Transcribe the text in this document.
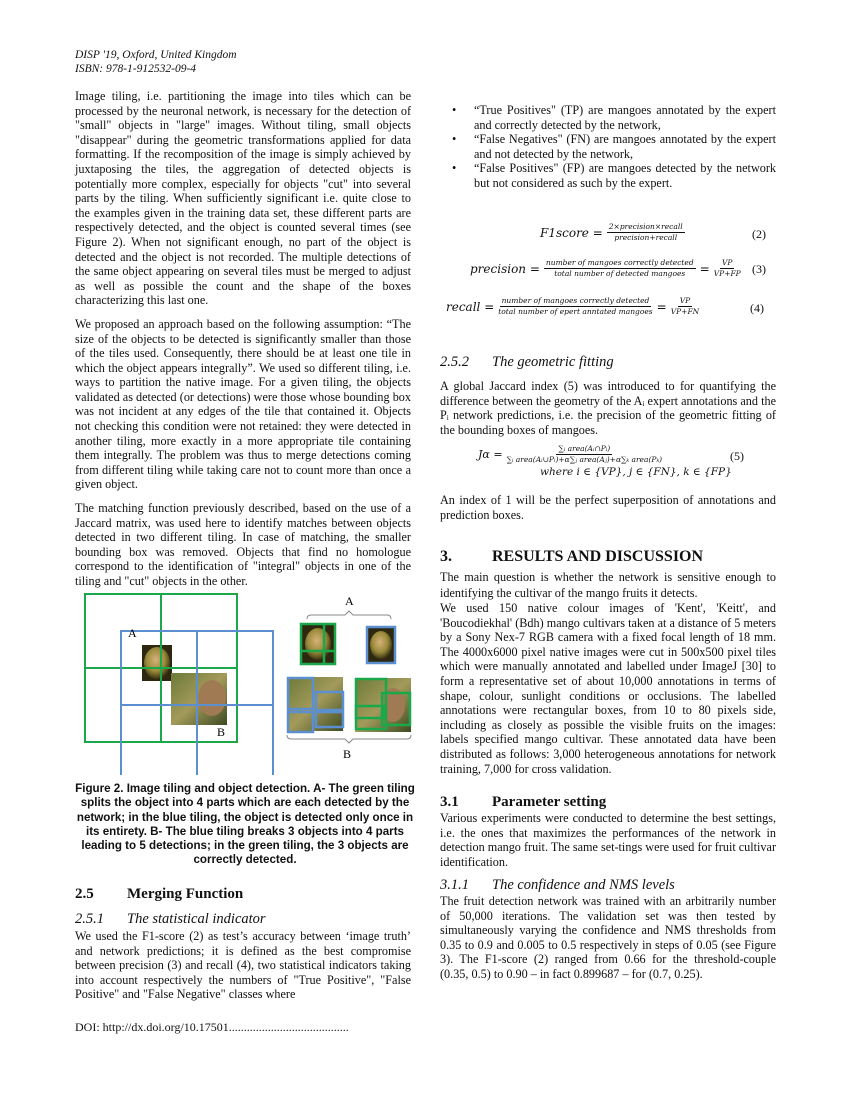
DISP '19, Oxford, United Kingdom
ISBN: 978-1-912532-09-4

Image tiling, i.e. partitioning the image into tiles which can be processed by the neuronal network, is necessary for the detection of "small" objects in "large" images. Without tiling, small objects "disappear" during the geometric transformations applied for data formatting. If the recomposition of the image is simply achieved by juxtaposing the tiles, the aggregation of detected objects is potentially more complex, especially for objects "cut" into several parts by the tiling. When sufficiently significant i.e. quite close to the examples given in the training data set, these different parts are respectively detected, and the object is counted several times (see Figure 2). When not significant enough, no part of the object is detected and the object is not recorded. The multiple detections of the same object appearing on several tiles must be merged to adjust as well as possible the count and the shape of the boxes characterizing this last one.

We proposed an approach based on the following assumption: “The size of the objects to be detected is significantly smaller than those of the tiles used. Consequently, there should be at least one tile in which the object appears integrally”. We used so different tiling, i.e. ways to partition the native image. For a given tiling, the objects validated as detected (or detections) were those whose bounding box was not incident at any edges of the tile that contained it. Objects not checking this condition were not retained: they were detected in another tiling, more exactly in a more appropriate tile containing them integrally. The problem was thus to merge detections coming from different tiling while taking care not to count more than once a given object.

The matching function previously described, based on the use of a Jaccard matrix, was used here to identify matches between objects detected in two different tiling. In case of matching, the smaller bounding box was removed. Objects that find no homologue correspond to the identification of "integral" objects in one of the tiling and "cut" objects in the other.

A
B
A
B
Figure 2. Image tiling and object detection. A- The green tiling splits the object into 4 parts which are each detected by the network; in the blue tiling, the object is detected only once in its entirety. B- The blue tiling breaks 3 objects into 4 parts leading to 5 detections; in the green tiling, the 3 objects are correctly detected.
2.5 Merging Function
2.5.1 The statistical indicator
We used the F1-score (2) as test’s accuracy between ‘image truth’ and network predictions; it is defined as the best compromise between precision (3) and recall (4), two statistical indicators taking into account respectively the numbers of "True Positive", "False Positive" and "False Negative" classes where
DOI: http://dx.doi.org/10.17501........................................
• “True Positives" (TP) are mangoes annotated by the expert and correctly detected by the network,
• “False Negatives" (FN) are mangoes annotated by the expert and not detected by the network,
• “False Positives" (FP) are mangoes detected by the network but not considered as such by the expert.
F1score = $\frac{\text{2×precision×recall}}{\text{precision+recall}}$	(2)
precision = $\frac{\text{number of mangoes correctly detected}}{\text{total number of detected mangoes}} = \frac{VP}{VP+FP} (3)$
recall = $\frac{\text{number of mangoes correctly detected}}{\text{total number of epert anntated mangoes}} = \frac{VP}{VP+FN}$	(4)
2.5.2 The geometric fitting
A global Jaccard index (5) was introduced to for quantifying the difference between the geometry of the Aᵢ expert annotations and the Pᵢ network predictions, i.e. the precision of the geometric fitting of the bounding boxes of mangoes.
$J\alpha = \frac{\text{∑ᵢ area(Aᵢ∩Pᵢ)}}{\text{∑ᵢ area(Aᵢ∪Pᵢ)+α∑ⱼ area(Aⱼ)+α∑ₖ area(Pₖ)}}$
where i ∈ {VP}, j ∈ {FN}, k ∈ {FP}
(5)
An index of 1 will be the perfect superposition of annotations and prediction boxes.
3.	RESULTS AND DISCUSSION

The main question is whether the network is sensitive enough to identifying the cultivar of the mango fruits it detects.

We used 150 native colour images of 'Kent', 'Keitt', and 'Boucodiekhal' (Bdh) mango cultivars taken at a distance of 5 meters by a Sony Nex-7 RGB camera with a fixed focal length of 18 mm. The 4000x6000 pixel native images were cut in 500x500 pixel tiles which were manually annotated and labelled under ImageJ [30] to form a representative set of about 10,000 annotations in terms of shape, colour, sunlight conditions or occlusions. The labelled annotations were rectangular boxes, from 10 to 80 pixels side, including as closely as possible the visible fruits on the images: labels specified mango cultivar. These annotated data have been distributed as follows: 3,000 heterogeneous annotations for network training, 7,000 for cross validation.

3.1 Parameter setting
Various experiments were conducted to determine the best settings, i.e. the ones that maximizes the performances of the network in detection mango fruit. The same set-tings were used for fruit cultivar identification.
3.1.1 The confidence and NMS levels
The fruit detection network was trained with an arbitrarily number of 50,000 iterations. The validation set was then tested by simultaneously varying the confidence and NMS thresholds from 0.35 to 0.9 and 0.005 to 0.5 respectively in steps of 0.05 (see Figure 3). The F1-score (2) ranged from 0.66 for the threshold-couple (0.35, 0.5) to 0.90 – in fact 0.899687 – for (0.7, 0.25).
